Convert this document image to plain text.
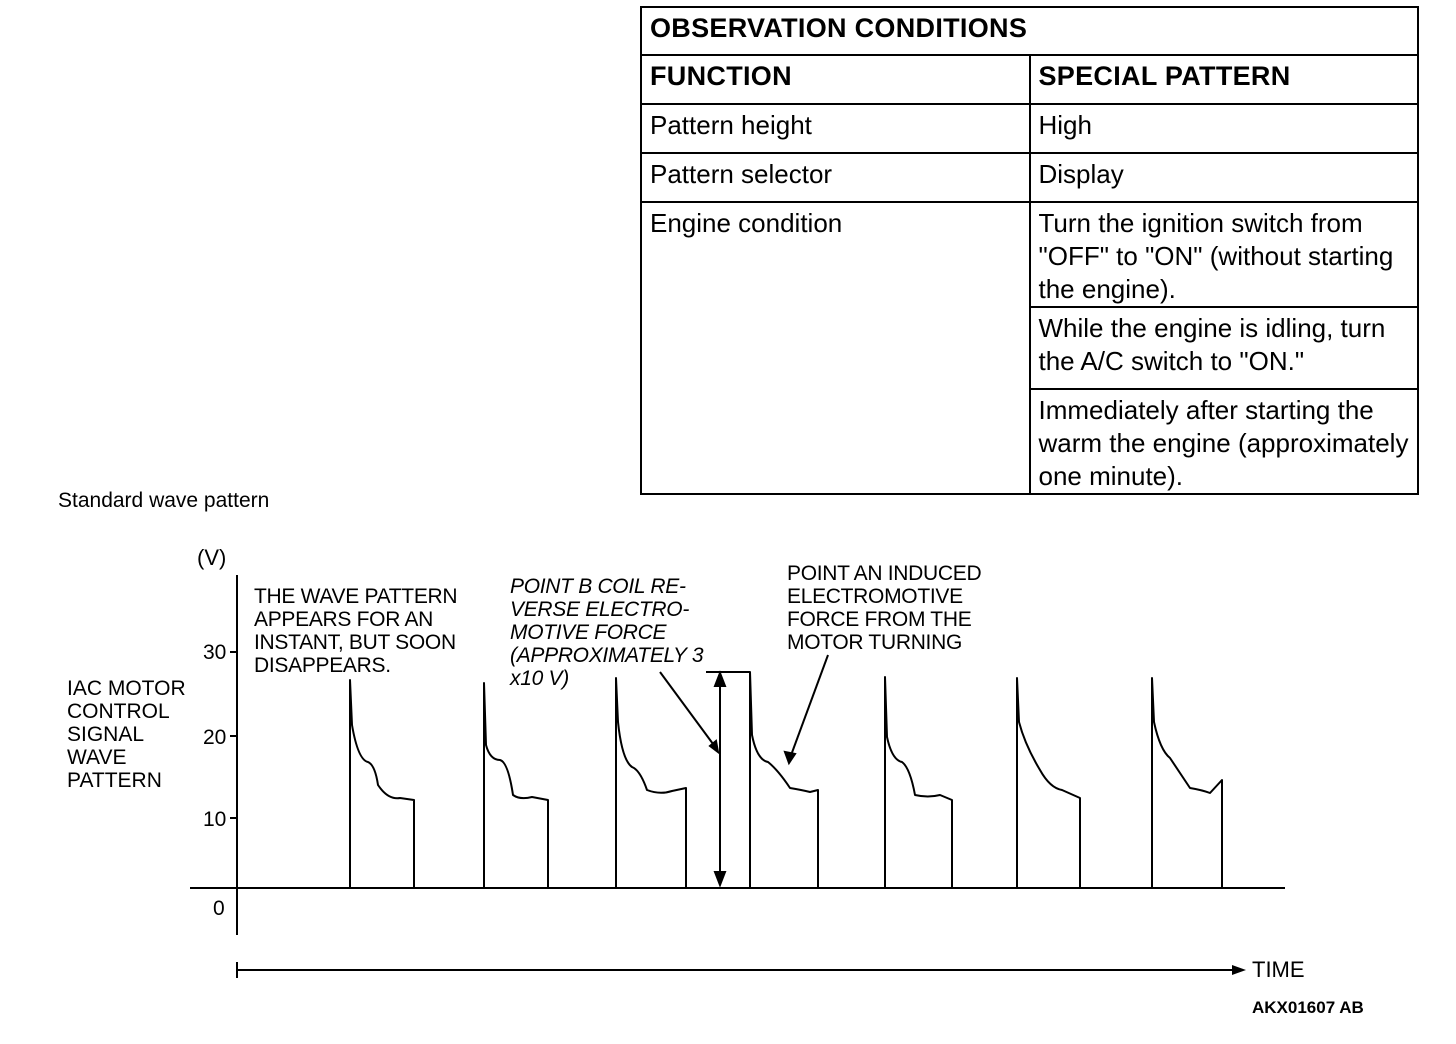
OBSERVATION CONDITIONS	
FUNCTION	SPECIAL PATTERN
Pattern height	High
Pattern selector	Display
Engine condition	Turn the ignition switch from "OFF" to "ON" (without starting the engine).
	While the engine is idling, turn the A/C switch to "ON."
	Immediately after starting the warm the engine (approximately one minute).

Standard wave pattern

(V)

IAC MOTOR CONTROL SIGNAL WAVE PATTERN

THE WAVE PATTERN APPEARS FOR AN INSTANT, BUT SOON DISAPPEARS.

POINT B COIL RE-VERSE ELECTRO-MOTIVE FORCE (APPROXIMATELY 3 x10 V)

POINT AN INDUCED ELECTROMOTIVE FORCE FROM THE MOTOR TURNING

TIME

AKX01607 AB

30
20
10
0
